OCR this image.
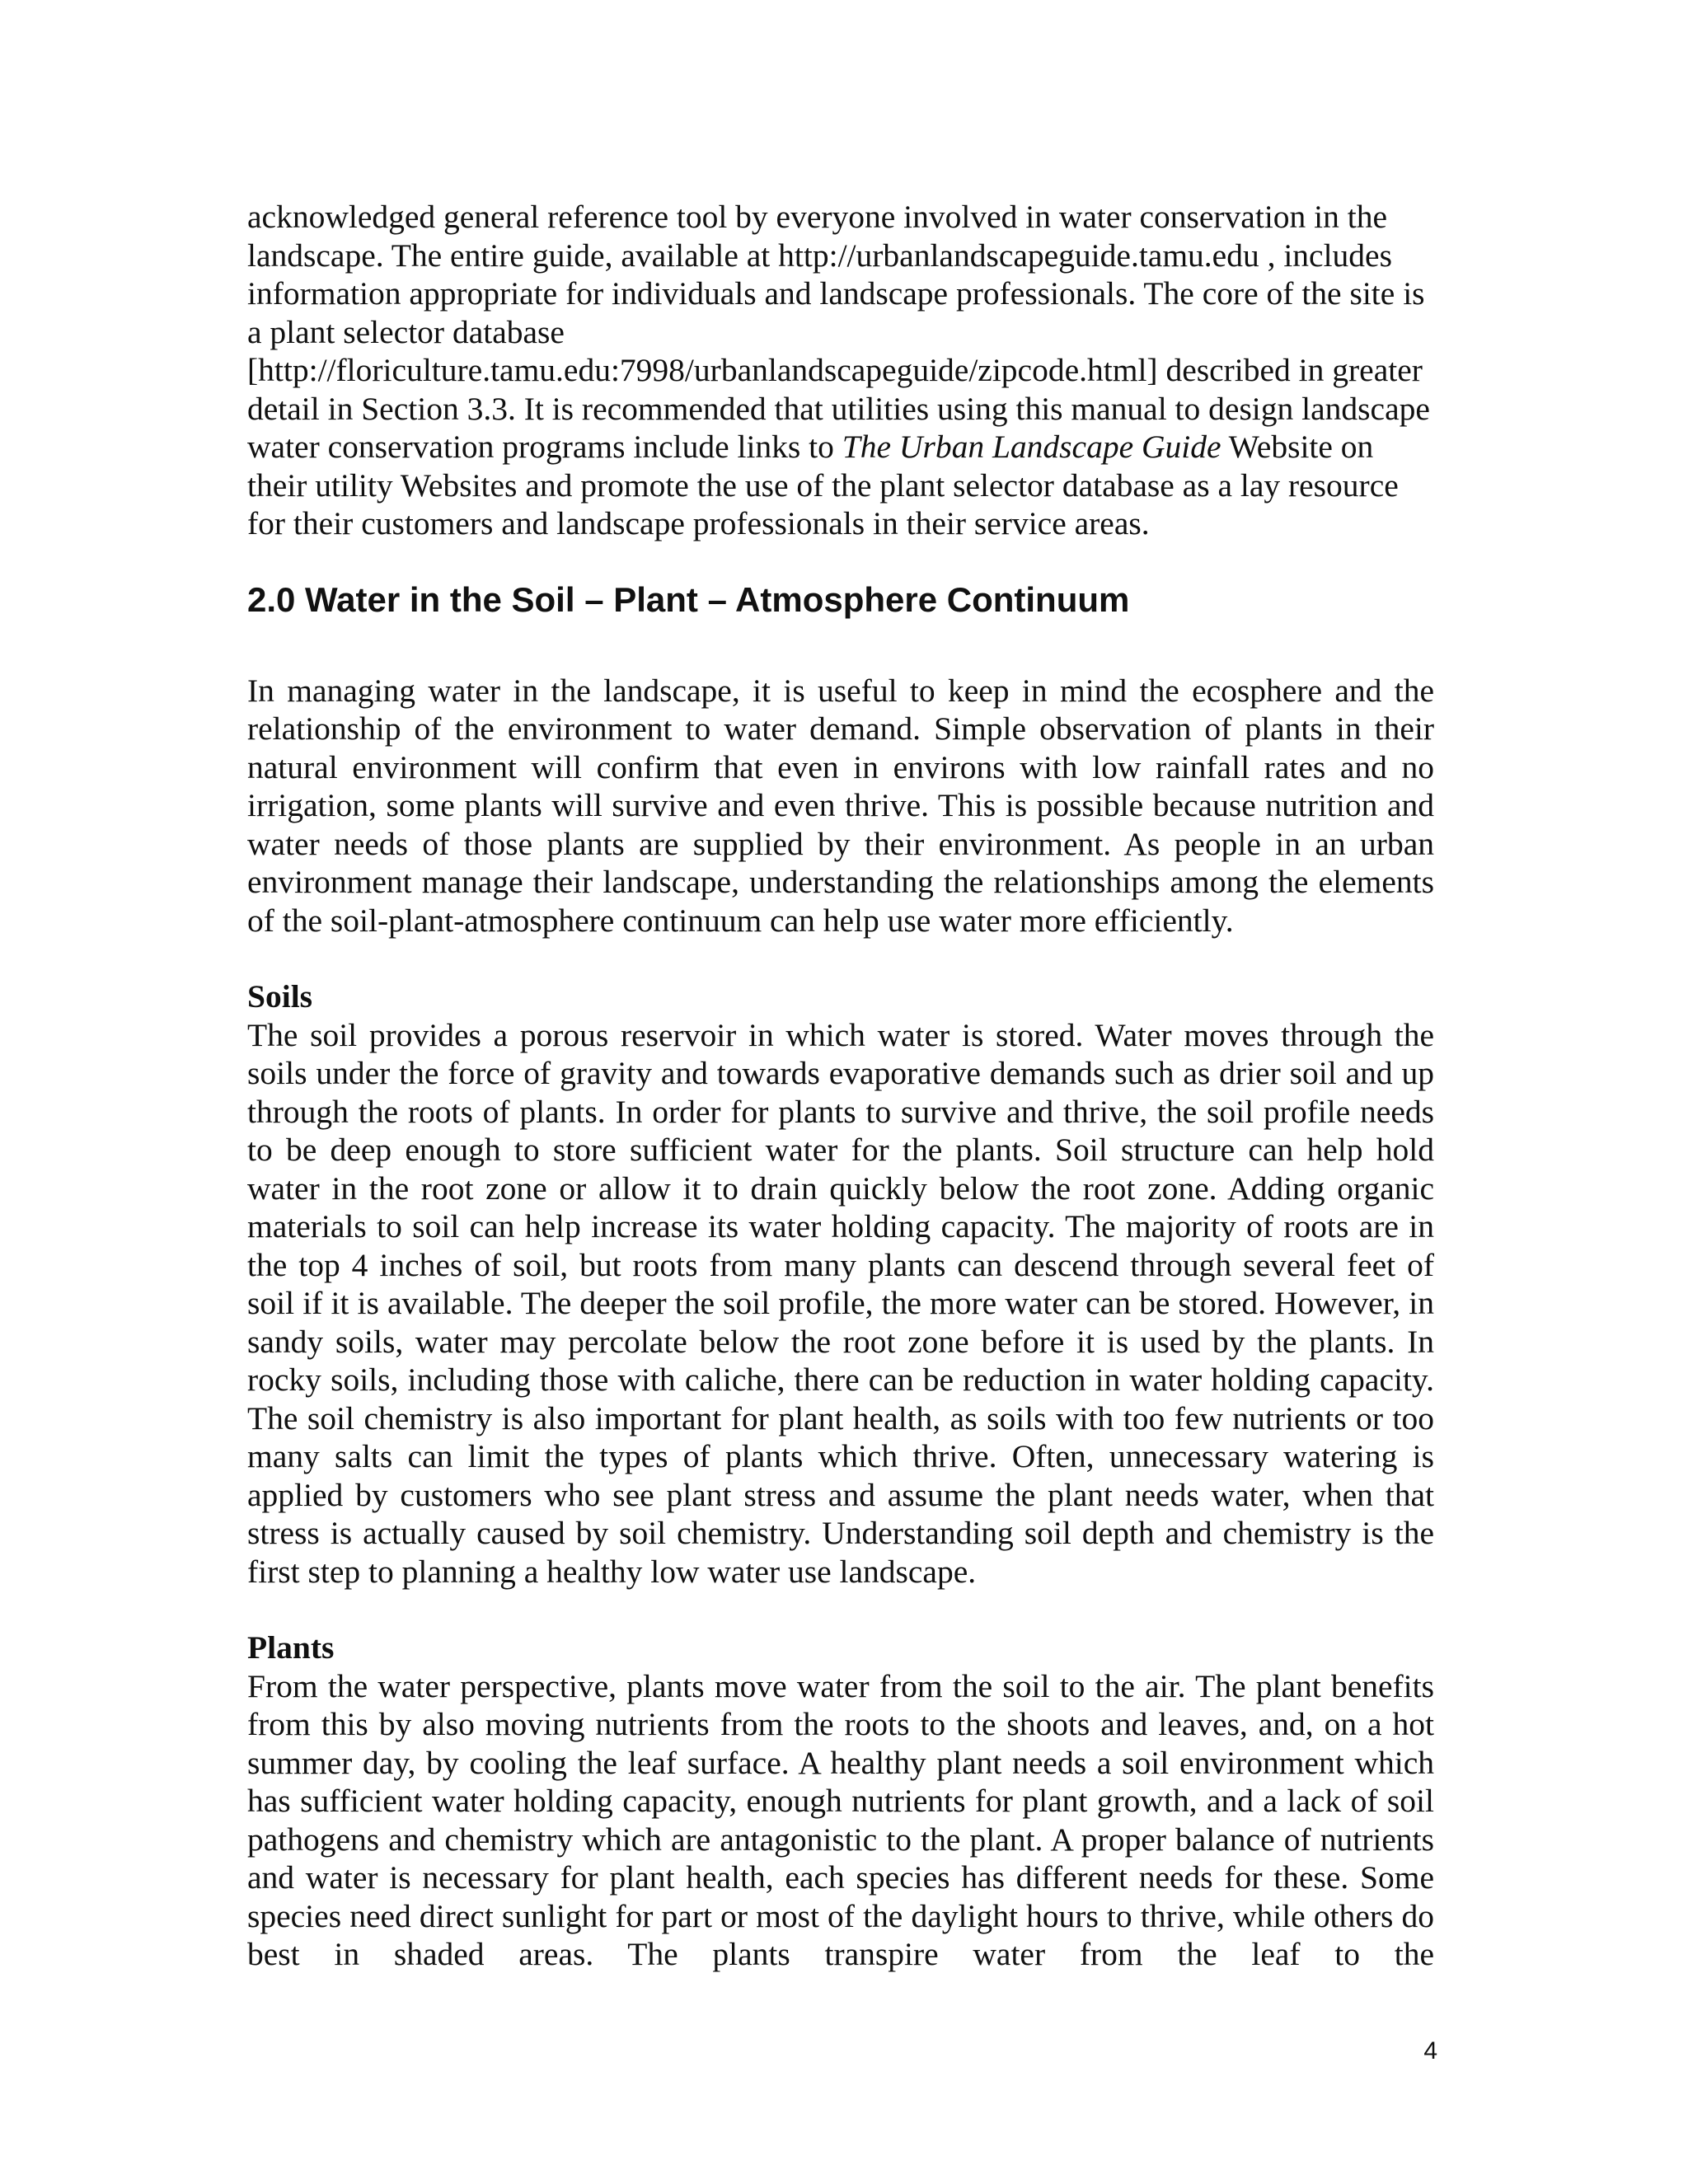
acknowledged general reference tool by everyone involved in water conservation in the landscape. The entire guide, available at http://urbanlandscapeguide.tamu.edu , includes information appropriate for individuals and landscape professionals. The core of the site is a plant selector database [http://floriculture.tamu.edu:7998/urbanlandscapeguide/zipcode.html] described in greater detail in Section 3.3. It is recommended that utilities using this manual to design landscape water conservation programs include links to The Urban Landscape Guide Website on their utility Websites and promote the use of the plant selector database as a lay resource for their customers and landscape professionals in their service areas.

2.0 Water in the Soil – Plant – Atmosphere Continuum

In managing water in the landscape, it is useful to keep in mind the ecosphere and the relationship of the environment to water demand. Simple observation of plants in their natural environment will confirm that even in environs with low rainfall rates and no irrigation, some plants will survive and even thrive. This is possible because nutrition and water needs of those plants are supplied by their environment. As people in an urban environment manage their landscape, understanding the relationships among the elements of the soil-plant-atmosphere continuum can help use water more efficiently.

Soils

The soil provides a porous reservoir in which water is stored. Water moves through the soils under the force of gravity and towards evaporative demands such as drier soil and up through the roots of plants. In order for plants to survive and thrive, the soil profile needs to be deep enough to store sufficient water for the plants. Soil structure can help hold water in the root zone or allow it to drain quickly below the root zone. Adding organic materials to soil can help increase its water holding capacity. The majority of roots are in the top 4 inches of soil, but roots from many plants can descend through several feet of soil if it is available. The deeper the soil profile, the more water can be stored. However, in sandy soils, water may percolate below the root zone before it is used by the plants. In rocky soils, including those with caliche, there can be reduction in water holding capacity. The soil chemistry is also important for plant health, as soils with too few nutrients or too many salts can limit the types of plants which thrive. Often, unnecessary watering is applied by customers who see plant stress and assume the plant needs water, when that stress is actually caused by soil chemistry. Understanding soil depth and chemistry is the first step to planning a healthy low water use landscape.

Plants

From the water perspective, plants move water from the soil to the air. The plant benefits from this by also moving nutrients from the roots to the shoots and leaves, and, on a hot summer day, by cooling the leaf surface. A healthy plant needs a soil environment which has sufficient water holding capacity, enough nutrients for plant growth, and a lack of soil pathogens and chemistry which are antagonistic to the plant. A proper balance of nutrients and water is necessary for plant health, each species has different needs for these. Some species need direct sunlight for part or most of the daylight hours to thrive, while others do best in shaded areas. The plants transpire water from the leaf to the

4
